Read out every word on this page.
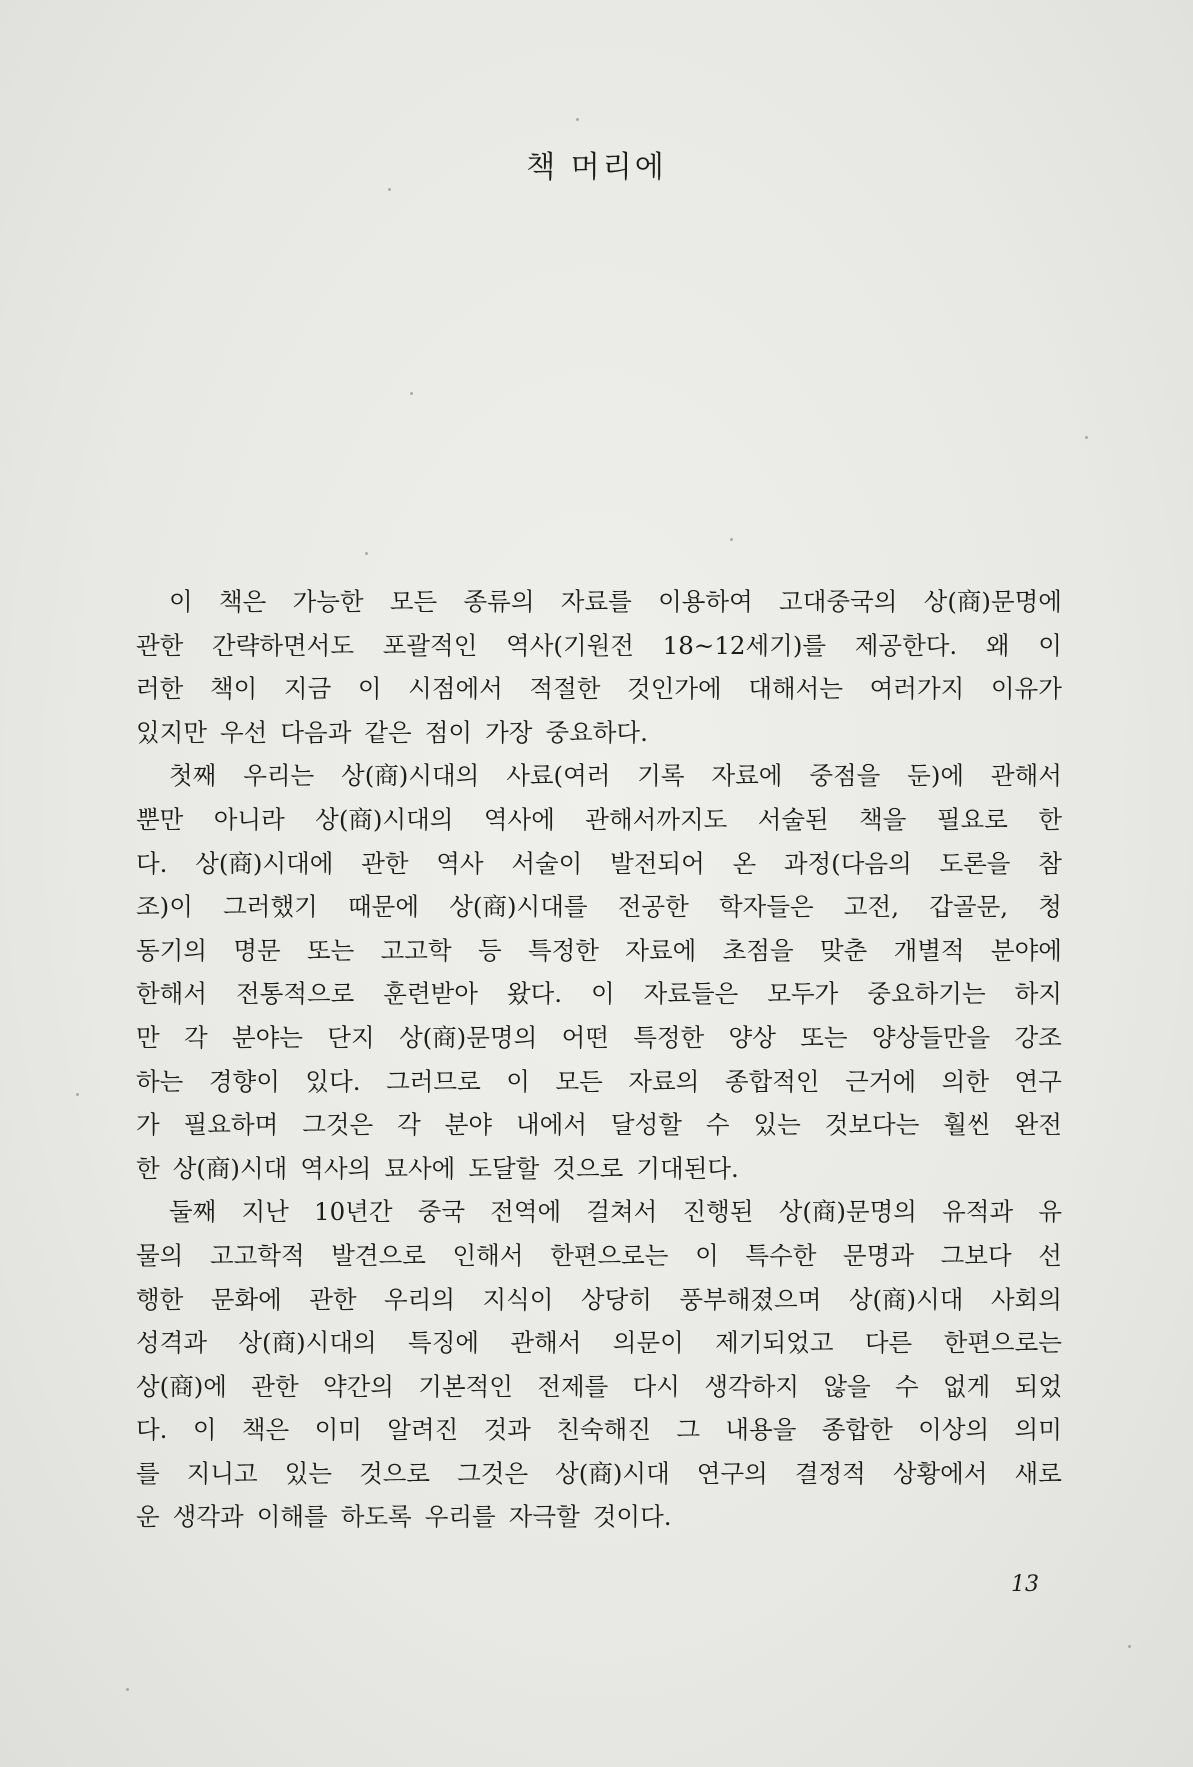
책 머리에
이 책은 가능한 모든 종류의 자료를 이용하여 고대중국의 상(商)문명에
관한 간략하면서도 포괄적인 역사(기원전 18~12세기)를 제공한다. 왜 이
러한 책이 지금 이 시점에서 적절한 것인가에 대해서는 여러가지 이유가
있지만 우선 다음과 같은 점이 가장 중요하다.
첫째 우리는 상(商)시대의 사료(여러 기록 자료에 중점을 둔)에 관해서
뿐만 아니라 상(商)시대의 역사에 관해서까지도 서술된 책을 필요로 한
다. 상(商)시대에 관한 역사 서술이 발전되어 온 과정(다음의 도론을 참
조)이 그러했기 때문에 상(商)시대를 전공한 학자들은 고전, 갑골문, 청
동기의 명문 또는 고고학 등 특정한 자료에 초점을 맞춘 개별적 분야에
한해서 전통적으로 훈련받아 왔다. 이 자료들은 모두가 중요하기는 하지
만 각 분야는 단지 상(商)문명의 어떤 특정한 양상 또는 양상들만을 강조
하는 경향이 있다. 그러므로 이 모든 자료의 종합적인 근거에 의한 연구
가 필요하며 그것은 각 분야 내에서 달성할 수 있는 것보다는 훨씬 완전
한 상(商)시대 역사의 묘사에 도달할 것으로 기대된다.
둘째 지난 10년간 중국 전역에 걸쳐서 진행된 상(商)문명의 유적과 유
물의 고고학적 발견으로 인해서 한편으로는 이 특수한 문명과 그보다 선
행한 문화에 관한 우리의 지식이 상당히 풍부해졌으며 상(商)시대 사회의
성격과 상(商)시대의 특징에 관해서 의문이 제기되었고 다른 한편으로는
상(商)에 관한 약간의 기본적인 전제를 다시 생각하지 않을 수 없게 되었
다. 이 책은 이미 알려진 것과 친숙해진 그 내용을 종합한 이상의 의미
를 지니고 있는 것으로 그것은 상(商)시대 연구의 결정적 상황에서 새로
운 생각과 이해를 하도록 우리를 자극할 것이다.
13
